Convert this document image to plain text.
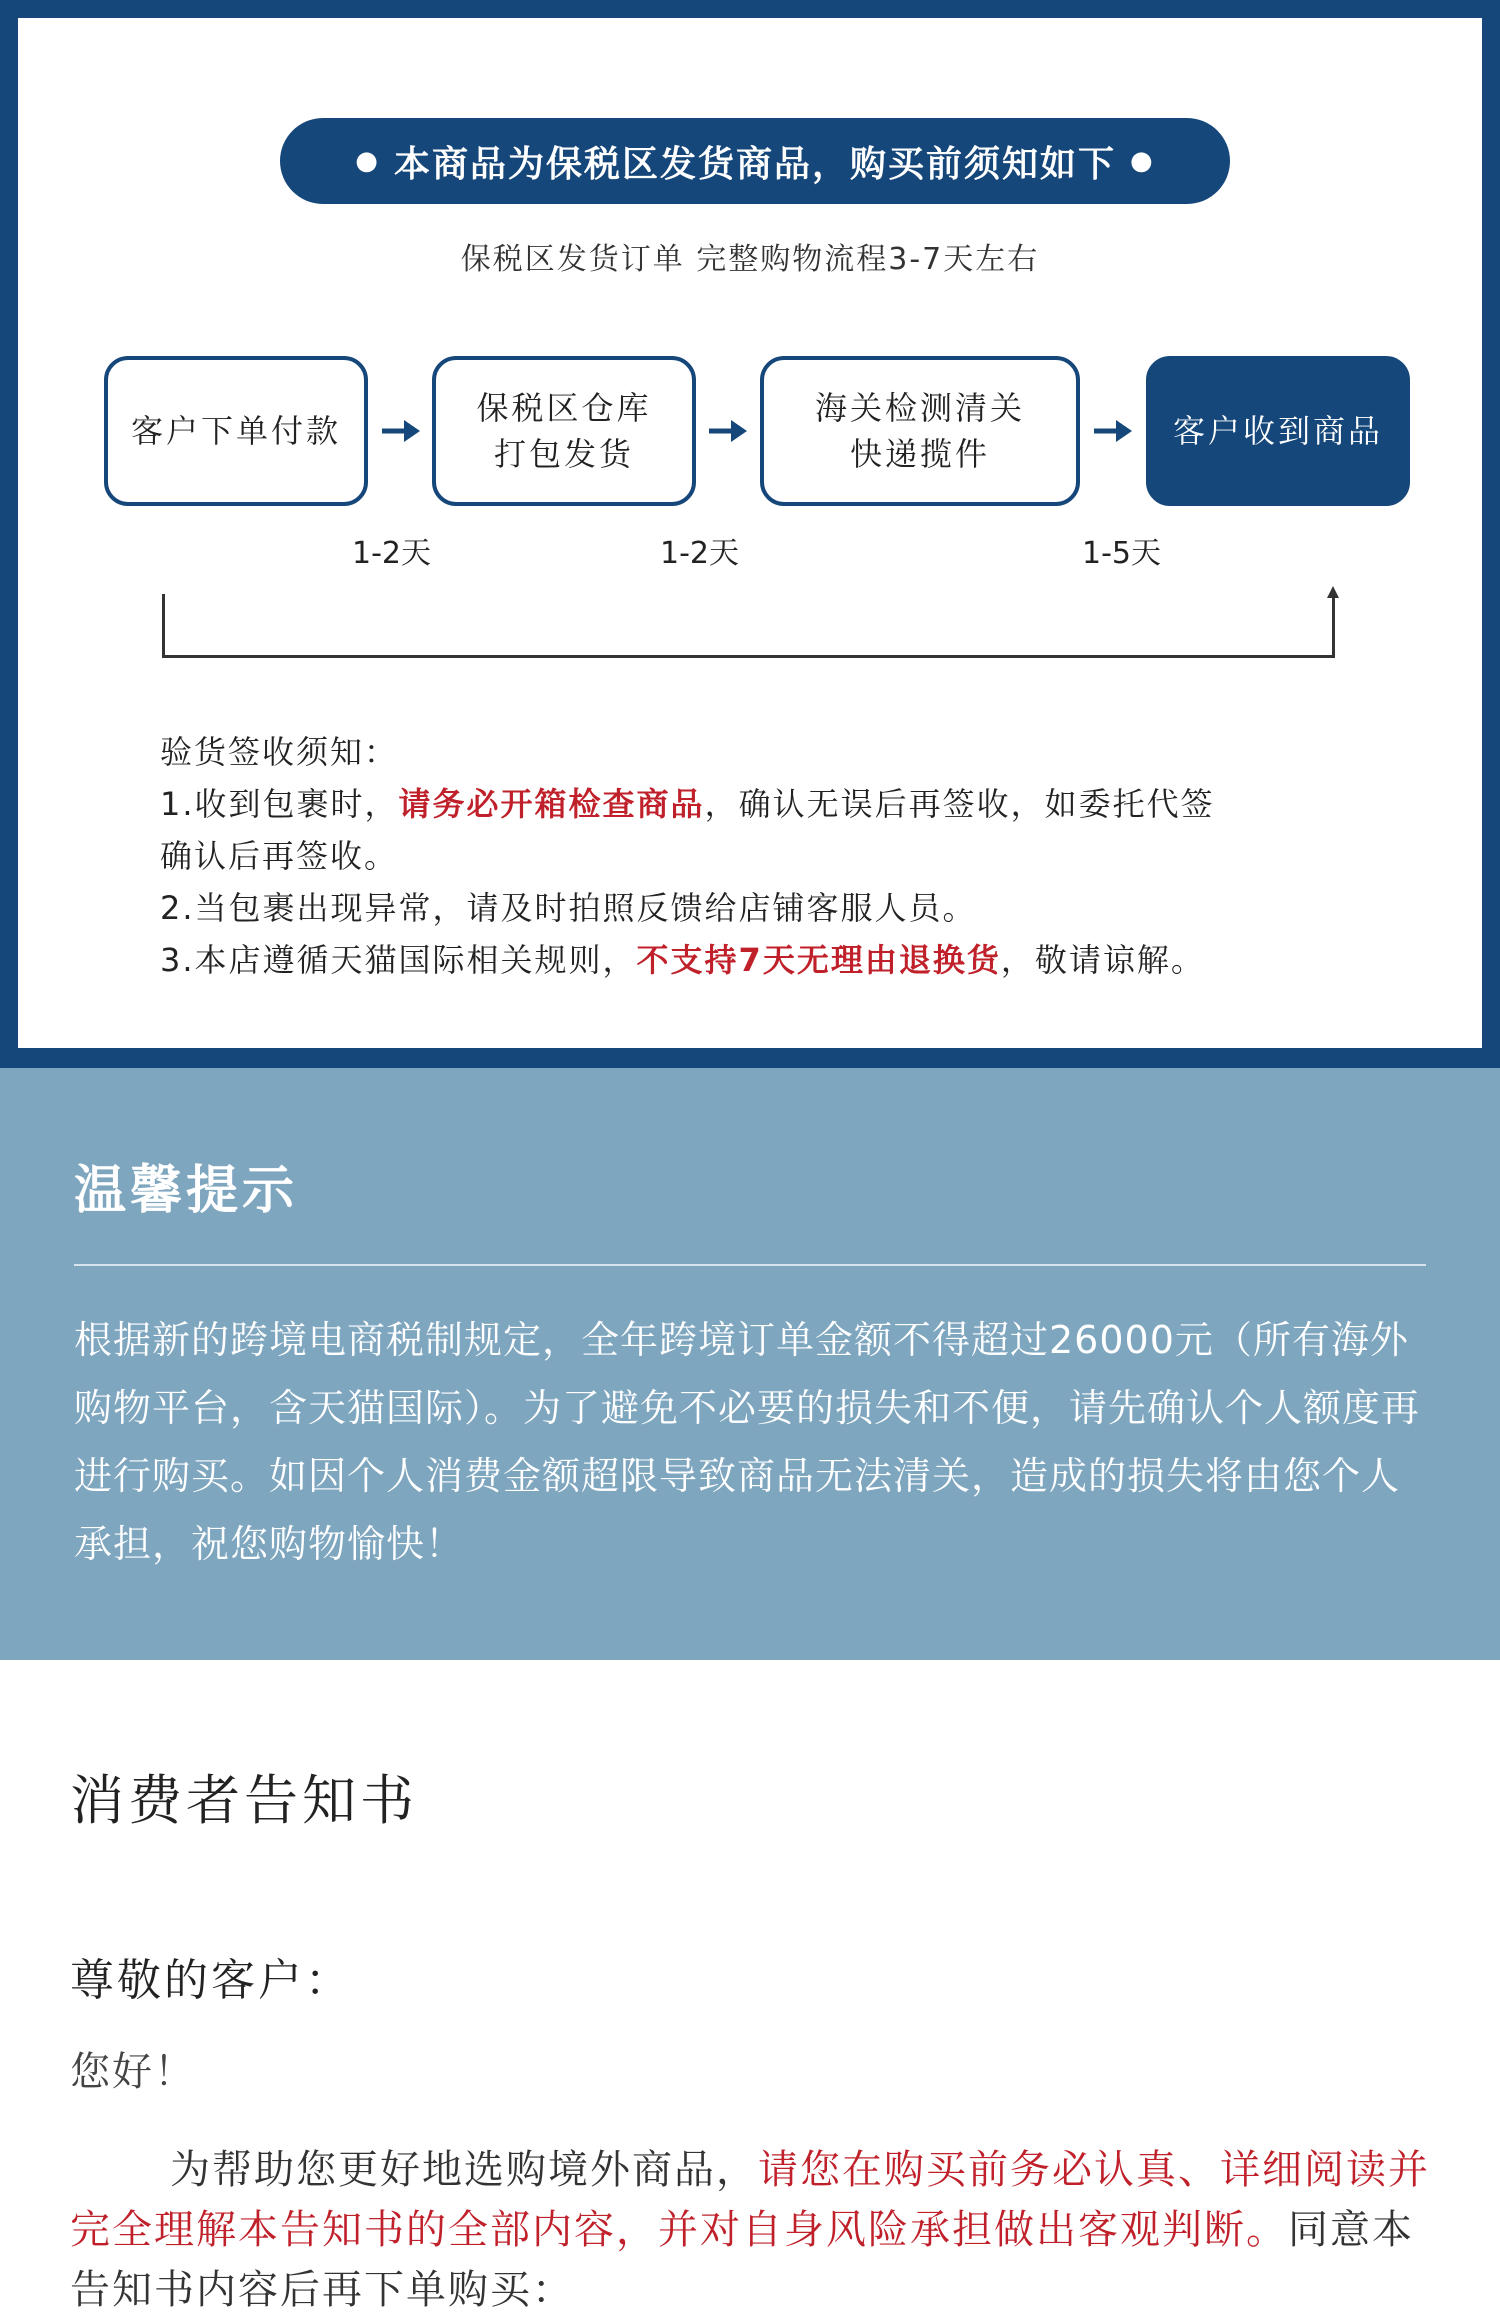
● 本商品为保税区发货商品，购买前须知如下 ●
保税区发货订单 完整购物流程3-7天左右
客户下单付款
保税区仓库
打包发货
海关检测清关
快递揽件
客户收到商品
1-2天	1-2天	1-5天

验货签收须知：

1.收到包裹时，请务必开箱检查商品，确认无误后再签收，如委托代签

确认后再签收。

2.当包裹出现异常，请及时拍照反馈给店铺客服人员。

3.本店遵循天猫国际相关规则，不支持7天无理由退换货，敬请谅解。

温馨提示
根据新的跨境电商税制规定，全年跨境订单金额不得超过26000元（所有海外购物平台，含天猫国际）。为了避免不必要的损失和不便，请先确认个人额度再进行购买。如因个人消费金额超限导致商品无法清关，造成的损失将由您个人承担，祝您购物愉快！
消费者告知书
尊敬的客户：
您好！
为帮助您更好地选购境外商品，请您在购买前务必认真、详细阅读并完全理解本告知书的全部内容，并对自身风险承担做出客观判断。同意本告知书内容后再下单购买：
